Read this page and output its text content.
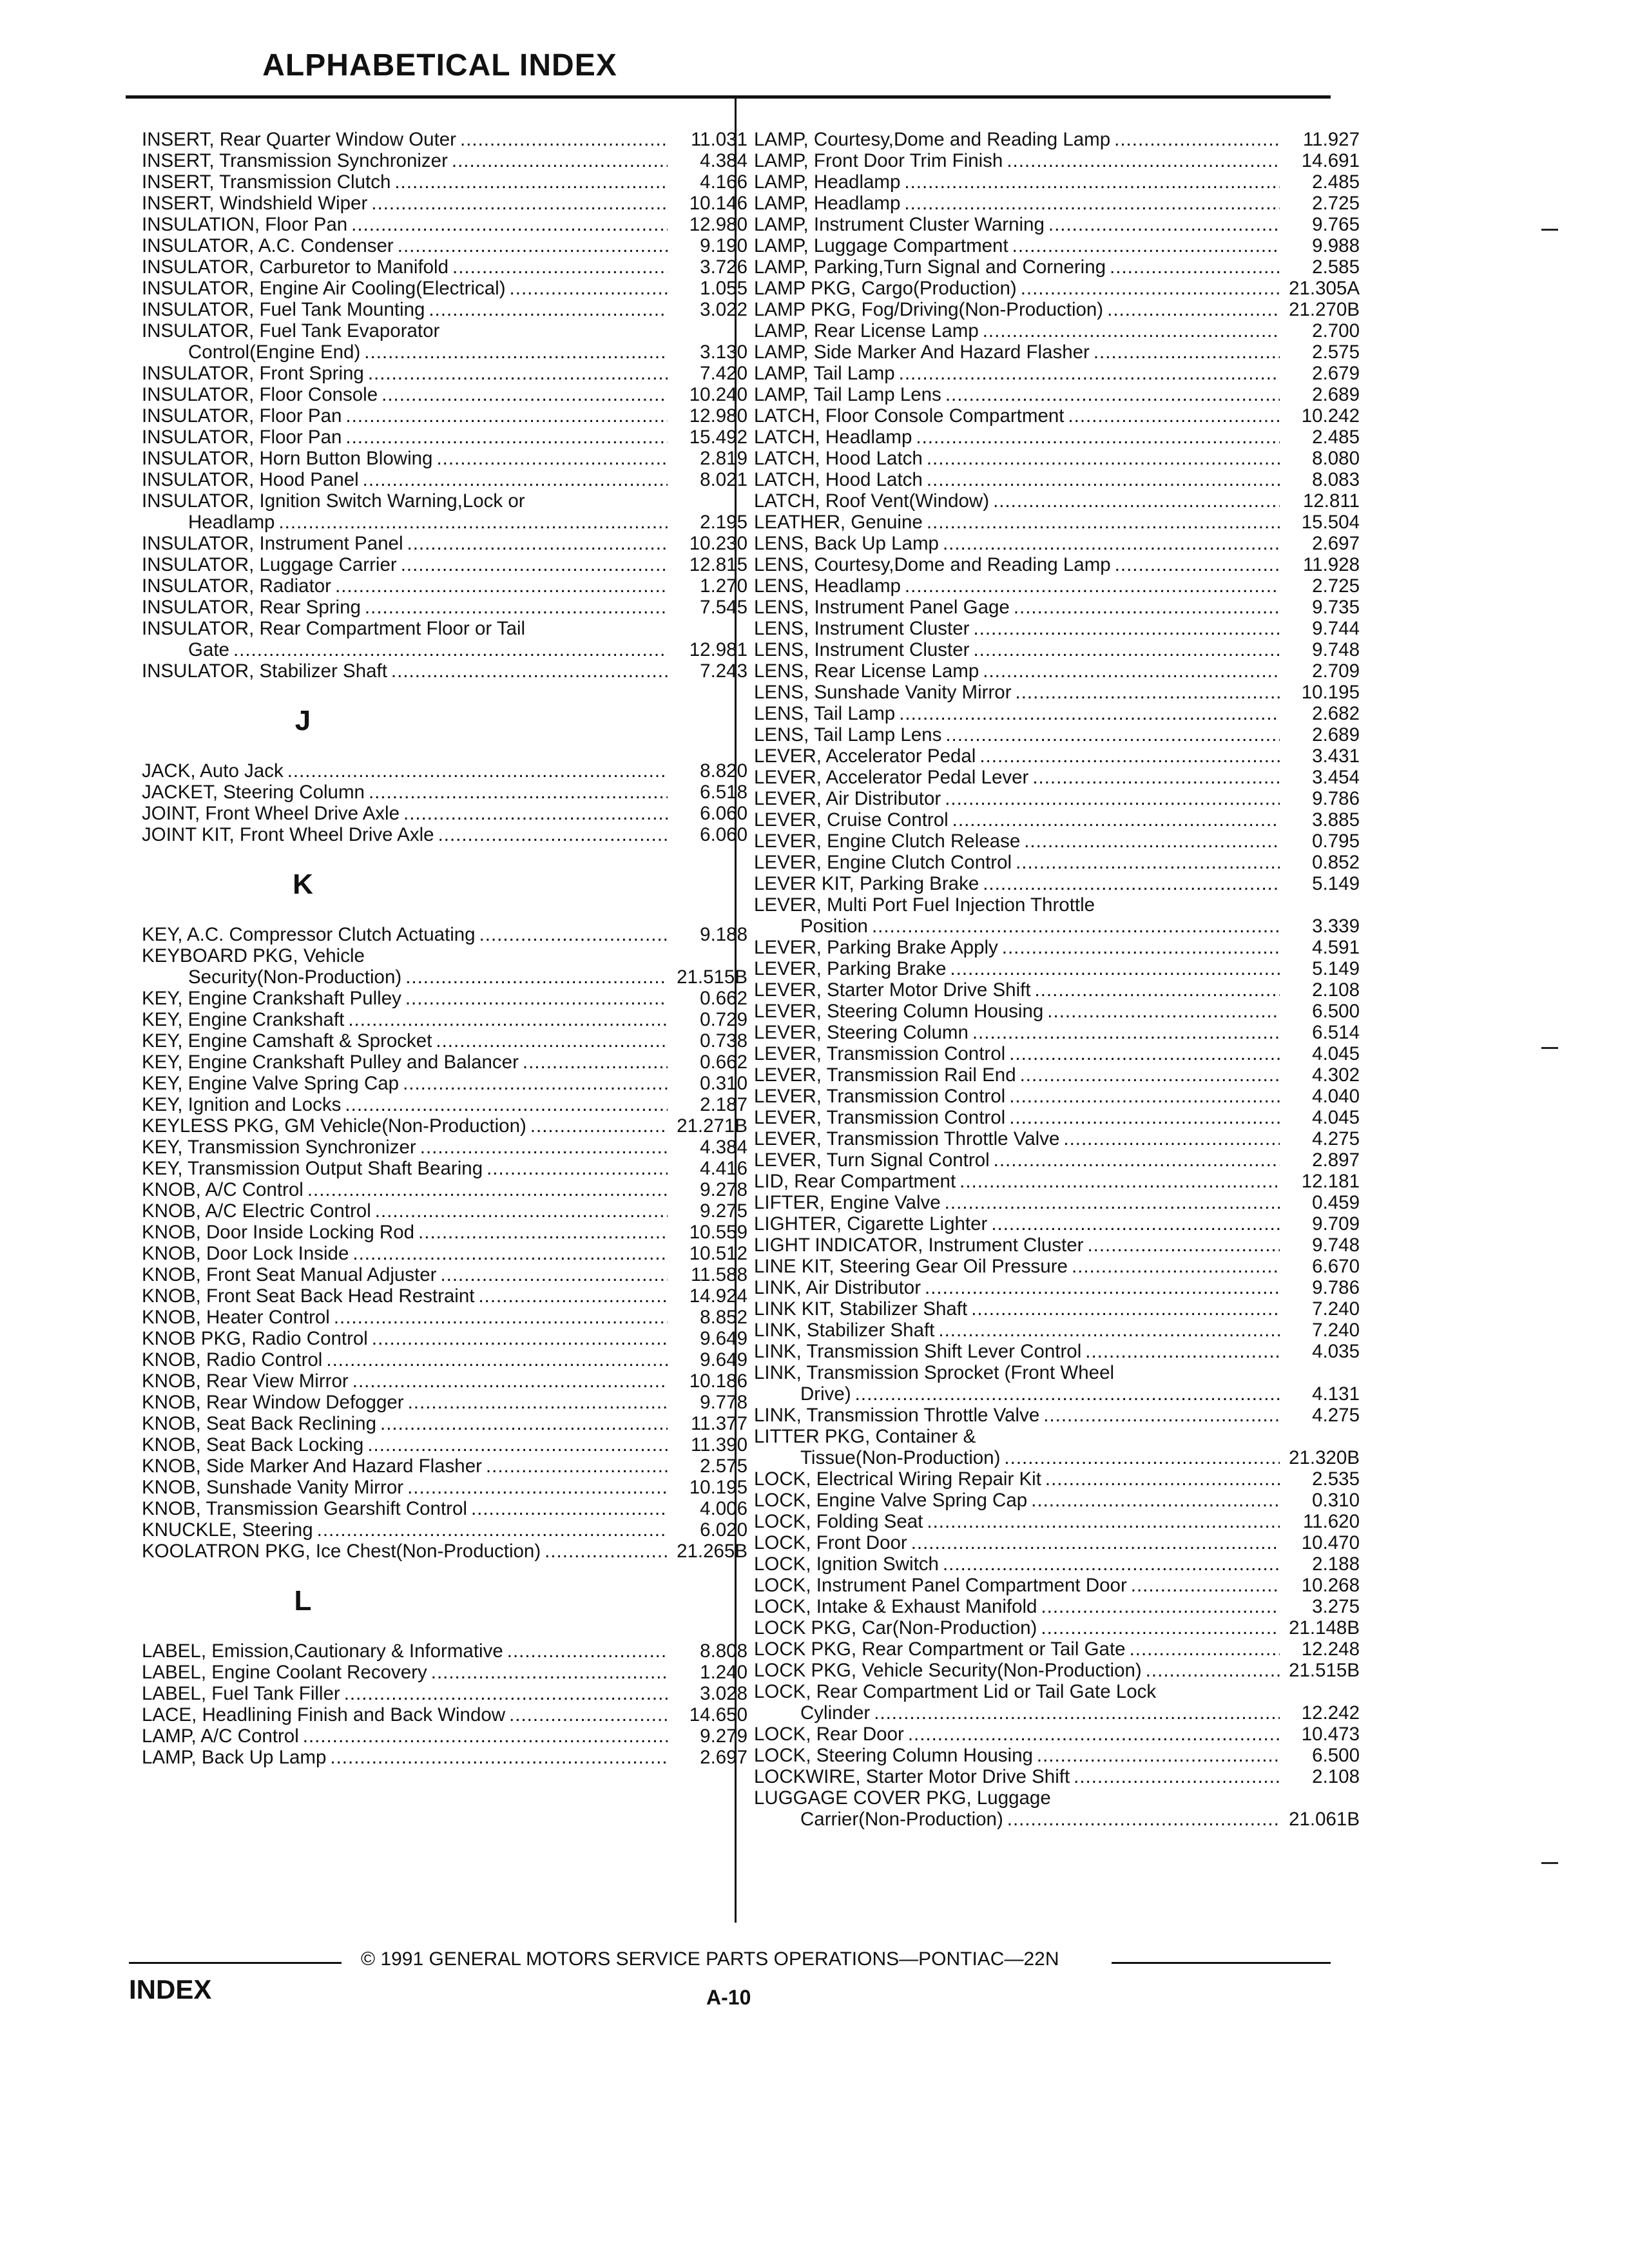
ALPHABETICAL INDEX
INSERT, Rear Quarter Window Outer .....	11.031
INSERT, Transmission Synchronizer .....	4.384
INSERT, Transmission Clutch .....	4.166
INSERT, Windshield Wiper .....	10.146
INSULATION, Floor Pan .....	12.980
INSULATOR, A.C. Condenser .....	9.190
INSULATOR, Carburetor to Manifold .....	3.726
INSULATOR, Engine Air Cooling(Electrical) .....	1.055
INSULATOR, Fuel Tank Mounting .....	3.022
INSULATOR, Fuel Tank Evaporator
Control(Engine End) .....	3.130
INSULATOR, Front Spring .....	7.420
INSULATOR, Floor Console .....	10.240
INSULATOR, Floor Pan .....	12.980
INSULATOR, Floor Pan .....	15.492
INSULATOR, Horn Button Blowing .....	2.819
INSULATOR, Hood Panel .....	8.021
INSULATOR, Ignition Switch Warning,Lock or
Headlamp .....	2.195
INSULATOR, Instrument Panel .....	10.230
INSULATOR, Luggage Carrier .....	12.815
INSULATOR, Radiator .....	1.270
INSULATOR, Rear Spring .....	7.545
INSULATOR, Rear Compartment Floor or Tail
Gate .....	12.981
INSULATOR, Stabilizer Shaft .....	7.243
J
JACK, Auto Jack .....	8.820
JACKET, Steering Column .....	6.518
JOINT, Front Wheel Drive Axle .....	6.060
JOINT KIT, Front Wheel Drive Axle .....	6.060
K
KEY, A.C. Compressor Clutch Actuating .....	9.188
KEYBOARD PKG, Vehicle
Security(Non-Production) .....	21.515B
KEY, Engine Crankshaft Pulley .....	0.662
KEY, Engine Crankshaft .....	0.729
KEY, Engine Camshaft & Sprocket .....	0.738
KEY, Engine Crankshaft Pulley and Balancer .....	0.662
KEY, Engine Valve Spring Cap .....	0.310
KEY, Ignition and Locks .....	2.187
KEYLESS PKG, GM Vehicle(Non-Production) .....	21.271B
KEY, Transmission Synchronizer .....	4.384
KEY, Transmission Output Shaft Bearing .....	4.416
KNOB, A/C Control .....	9.278
KNOB, A/C Electric Control .....	9.275
KNOB, Door Inside Locking Rod .....	10.559
KNOB, Door Lock Inside .....	10.512
KNOB, Front Seat Manual Adjuster .....	11.588
KNOB, Front Seat Back Head Restraint .....	14.924
KNOB, Heater Control .....	8.852
KNOB PKG, Radio Control .....	9.649
KNOB, Radio Control .....	9.649
KNOB, Rear View Mirror .....	10.186
KNOB, Rear Window Defogger .....	9.778
KNOB, Seat Back Reclining .....	11.377
KNOB, Seat Back Locking .....	11.390
KNOB, Side Marker And Hazard Flasher .....	2.575
KNOB, Sunshade Vanity Mirror .....	10.195
KNOB, Transmission Gearshift Control .....	4.006
KNUCKLE, Steering .....	6.020
KOOLATRON PKG, Ice Chest(Non-Production) .....	21.265B
L
LABEL, Emission,Cautionary & Informative .....	8.808
LABEL, Engine Coolant Recovery .....	1.240
LABEL, Fuel Tank Filler .....	3.028
LACE, Headlining Finish and Back Window .....	14.650
LAMP, A/C Control .....	9.279
LAMP, Back Up Lamp .....	2.697
LAMP, Courtesy,Dome and Reading Lamp .....	11.927
LAMP, Front Door Trim Finish .....	14.691
LAMP, Headlamp .....	2.485
LAMP, Headlamp .....	2.725
LAMP, Instrument Cluster Warning .....	9.765
LAMP, Luggage Compartment .....	9.988
LAMP, Parking,Turn Signal and Cornering .....	2.585
LAMP PKG, Cargo(Production) .....	21.305A
LAMP PKG, Fog/Driving(Non-Production) .....	21.270B
LAMP, Rear License Lamp .....	2.700
LAMP, Side Marker And Hazard Flasher .....	2.575
LAMP, Tail Lamp .....	2.679
LAMP, Tail Lamp Lens .....	2.689
LATCH, Floor Console Compartment .....	10.242
LATCH, Headlamp .....	2.485
LATCH, Hood Latch .....	8.080
LATCH, Hood Latch .....	8.083
LATCH, Roof Vent(Window) .....	12.811
LEATHER, Genuine .....	15.504
LENS, Back Up Lamp .....	2.697
LENS, Courtesy,Dome and Reading Lamp .....	11.928
LENS, Headlamp .....	2.725
LENS, Instrument Panel Gage .....	9.735
LENS, Instrument Cluster .....	9.744
LENS, Instrument Cluster .....	9.748
LENS, Rear License Lamp .....	2.709
LENS, Sunshade Vanity Mirror .....	10.195
LENS, Tail Lamp .....	2.682
LENS, Tail Lamp Lens .....	2.689
LEVER, Accelerator Pedal .....	3.431
LEVER, Accelerator Pedal Lever .....	3.454
LEVER, Air Distributor .....	9.786
LEVER, Cruise Control .....	3.885
LEVER, Engine Clutch Release .....	0.795
LEVER, Engine Clutch Control .....	0.852
LEVER KIT, Parking Brake .....	5.149
LEVER, Multi Port Fuel Injection Throttle
Position .....	3.339
LEVER, Parking Brake Apply .....	4.591
LEVER, Parking Brake .....	5.149
LEVER, Starter Motor Drive Shift .....	2.108
LEVER, Steering Column Housing .....	6.500
LEVER, Steering Column .....	6.514
LEVER, Transmission Control .....	4.045
LEVER, Transmission Rail End .....	4.302
LEVER, Transmission Control .....	4.040
LEVER, Transmission Control .....	4.045
LEVER, Transmission Throttle Valve .....	4.275
LEVER, Turn Signal Control .....	2.897
LID, Rear Compartment .....	12.181
LIFTER, Engine Valve .....	0.459
LIGHTER, Cigarette Lighter .....	9.709
LIGHT INDICATOR, Instrument Cluster .....	9.748
LINE KIT, Steering Gear Oil Pressure .....	6.670
LINK, Air Distributor .....	9.786
LINK KIT, Stabilizer Shaft .....	7.240
LINK, Stabilizer Shaft .....	7.240
LINK, Transmission Shift Lever Control .....	4.035
LINK, Transmission Sprocket (Front Wheel
Drive) .....	4.131
LINK, Transmission Throttle Valve .....	4.275
LITTER PKG, Container &
Tissue(Non-Production) .....	21.320B
LOCK, Electrical Wiring Repair Kit .....	2.535
LOCK, Engine Valve Spring Cap .....	0.310
LOCK, Folding Seat .....	11.620
LOCK, Front Door .....	10.470
LOCK, Ignition Switch .....	2.188
LOCK, Instrument Panel Compartment Door .....	10.268
LOCK, Intake & Exhaust Manifold .....	3.275
LOCK PKG, Car(Non-Production) .....	21.148B
LOCK PKG, Rear Compartment or Tail Gate .....	12.248
LOCK PKG, Vehicle Security(Non-Production) .....	21.515B
LOCK, Rear Compartment Lid or Tail Gate Lock
Cylinder .....	12.242
LOCK, Rear Door .....	10.473
LOCK, Steering Column Housing .....	6.500
LOCKWIRE, Starter Motor Drive Shift .....	2.108
LUGGAGE COVER PKG, Luggage
Carrier(Non-Production) .....	21.061B
© 1991 GENERAL MOTORS SERVICE PARTS OPERATIONS—PONTIAC—22N
INDEX	A-10
